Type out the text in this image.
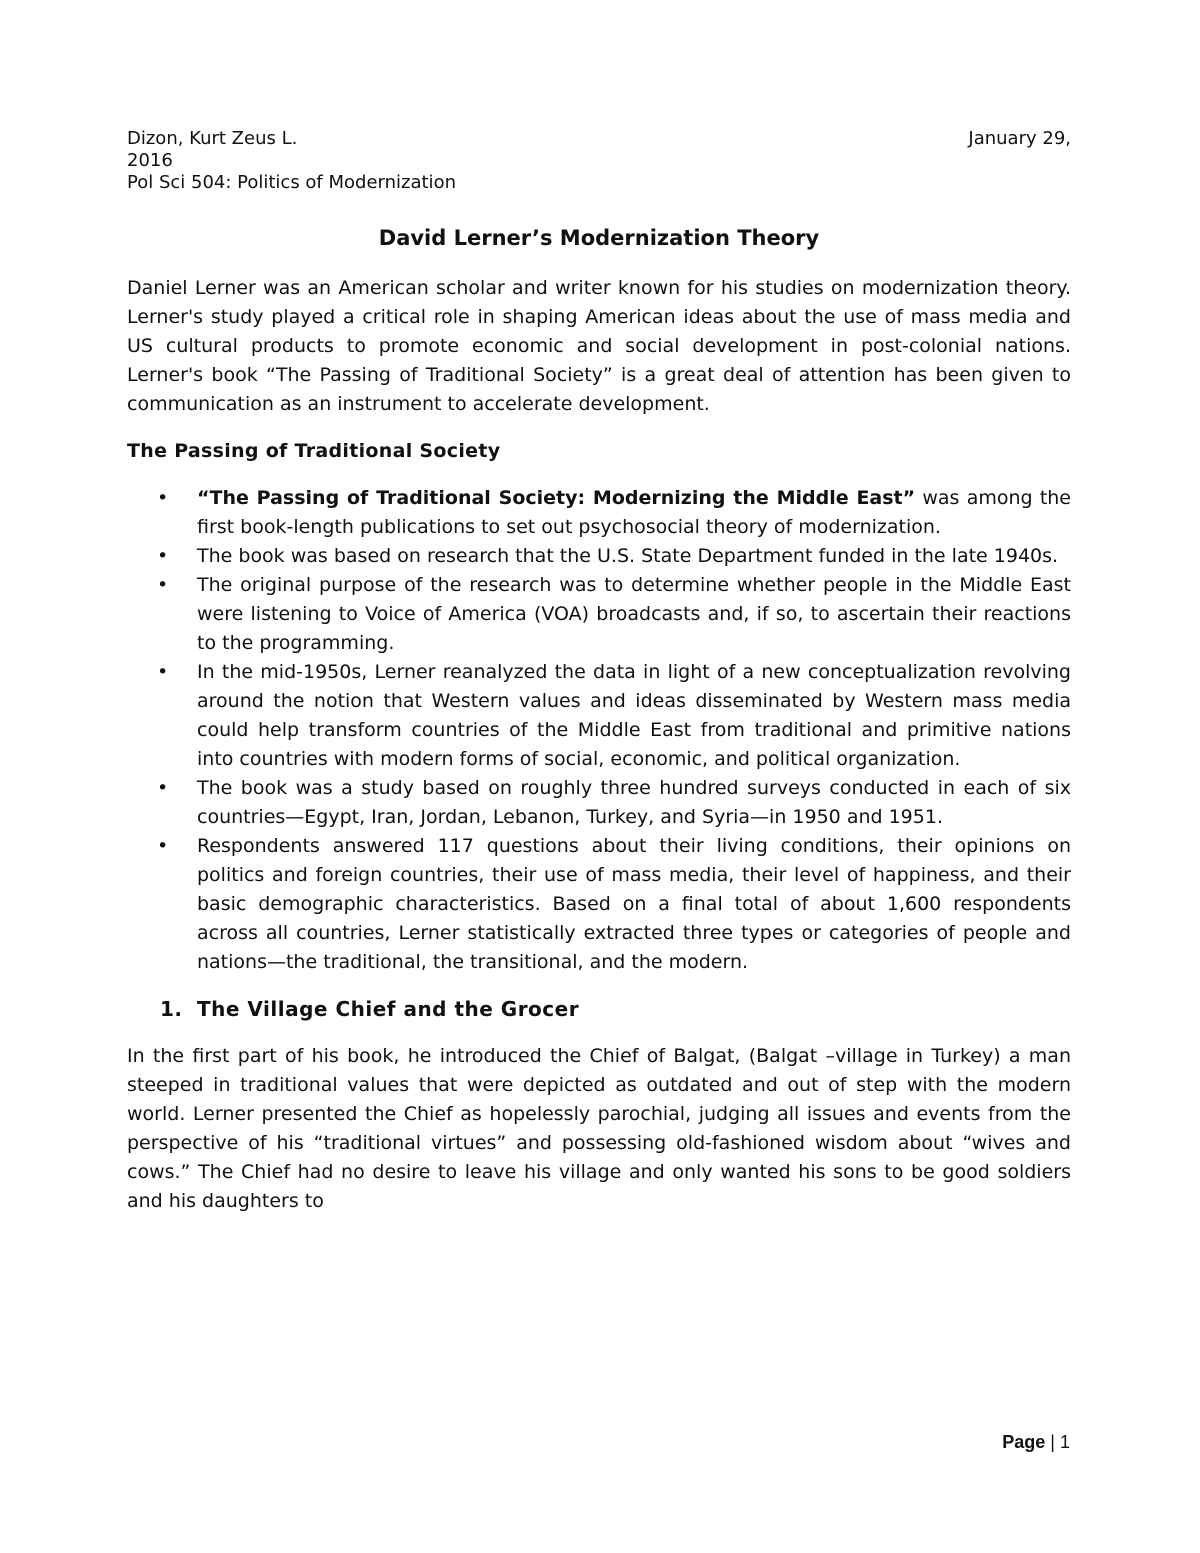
Dizon, Kurt Zeus L.	January 29,
2016
Pol Sci 504: Politics of Modernization
David Lerner’s Modernization Theory

Daniel Lerner was an American scholar and writer known for his studies on modernization theory. Lerner's study played a critical role in shaping American ideas about the use of mass media and US cultural products to promote economic and social development in post-colonial nations. Lerner's book “The Passing of Traditional Society” is a great deal of attention has been given to communication as an instrument to accelerate development.

The Passing of Traditional Society
• “The Passing of Traditional Society: Modernizing the Middle East” was among the first book-length publications to set out psychosocial theory of modernization.
• The book was based on research that the U.S. State Department funded in the late 1940s.
• The original purpose of the research was to determine whether people in the Middle East were listening to Voice of America (VOA) broadcasts and, if so, to ascertain their reactions to the programming.
• In the mid-1950s, Lerner reanalyzed the data in light of a new conceptualization revolving around the notion that Western values and ideas disseminated by Western mass media could help transform countries of the Middle East from traditional and primitive nations into countries with modern forms of social, economic, and political organization.
• The book was a study based on roughly three hundred surveys conducted in each of six countries—Egypt, Iran, Jordan, Lebanon, Turkey, and Syria—in 1950 and 1951.
• Respondents answered 117 questions about their living conditions, their opinions on politics and foreign countries, their use of mass media, their level of happiness, and their basic demographic characteristics. Based on a final total of about 1,600 respondents across all countries, Lerner statistically extracted three types or categories of people and nations—the traditional, the transitional, and the modern.
1. The Village Chief and the Grocer

In the first part of his book, he introduced the Chief of Balgat, (Balgat –village in Turkey) a man steeped in traditional values that were depicted as outdated and out of step with the modern world. Lerner presented the Chief as hopelessly parochial, judging all issues and events from the perspective of his “traditional virtues” and possessing old-fashioned wisdom about “wives and cows.” The Chief had no desire to leave his village and only wanted his sons to be good soldiers and his daughters to

Page | 1
